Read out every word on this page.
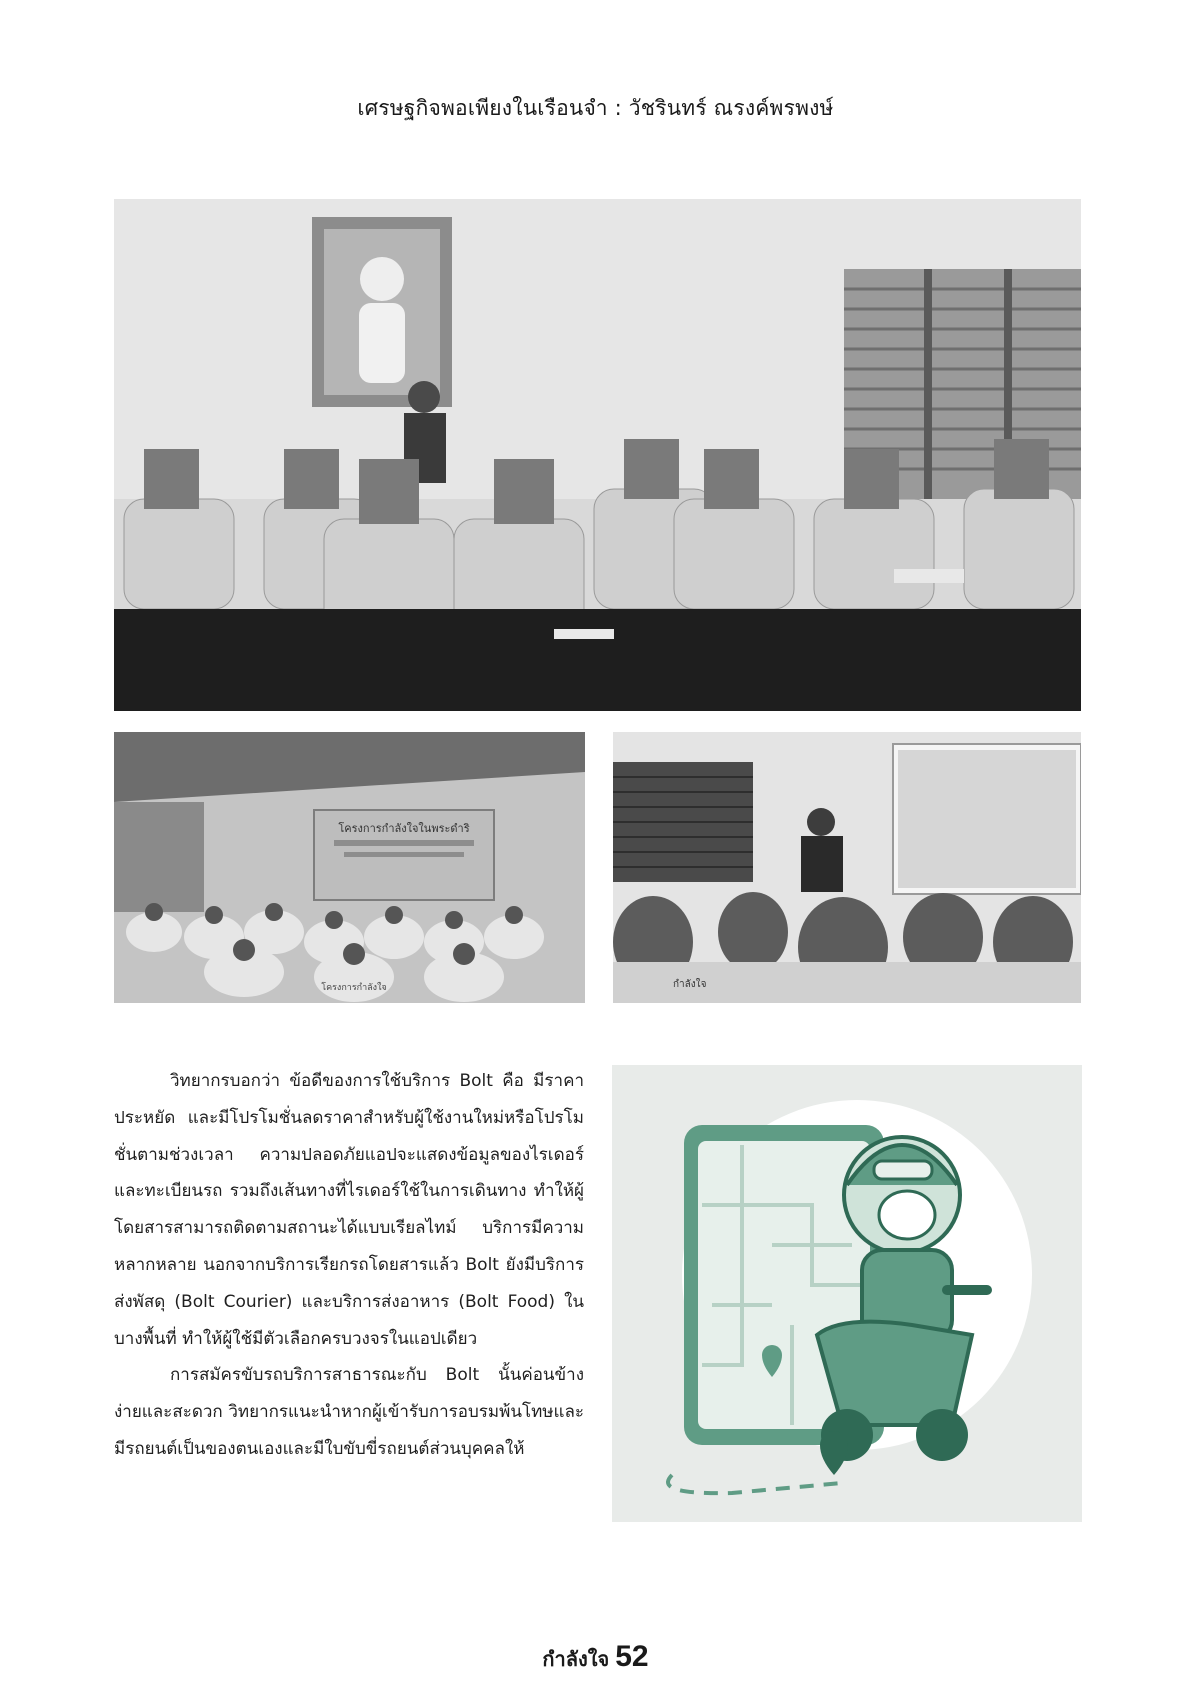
เศรษฐกิจพอเพียงในเรือนจำ : วัชรินทร์ ณรงค์พรพงษ์
โครงการกำลังใจในพระดำริ
โครงการกำลังใจ	กำลังใจ

วิทยากรบอกว่า ข้อดีของการใช้บริการ Bolt คือ มีราคาประหยัด และมีโปรโมชั่นลดราคาสำหรับผู้ใช้งานใหม่หรือโปรโมชั่นตามช่วงเวลา ความปลอดภัยแอปจะแสดงข้อมูลของไรเดอร์และทะเบียนรถ รวมถึงเส้นทางที่ไรเดอร์ใช้ในการเดินทาง ทำให้ผู้โดยสารสามารถติดตามสถานะได้แบบเรียลไทม์ บริการมีความหลากหลาย นอกจากบริการเรียกรถโดยสารแล้ว Bolt ยังมีบริการส่งพัสดุ (Bolt Courier) และบริการส่งอาหาร (Bolt Food) ในบางพื้นที่ ทำให้ผู้ใช้มีตัวเลือกครบวงจรในแอปเดียว

การสมัครขับรถบริการสาธารณะกับ Bolt นั้นค่อนข้างง่ายและสะดวก วิทยากรแนะนำหากผู้เข้ารับการอบรมพ้นโทษและมีรถยนต์เป็นของตนเองและมีใบขับขี่รถยนต์ส่วนบุคคลให้

กำลังใจ 52
